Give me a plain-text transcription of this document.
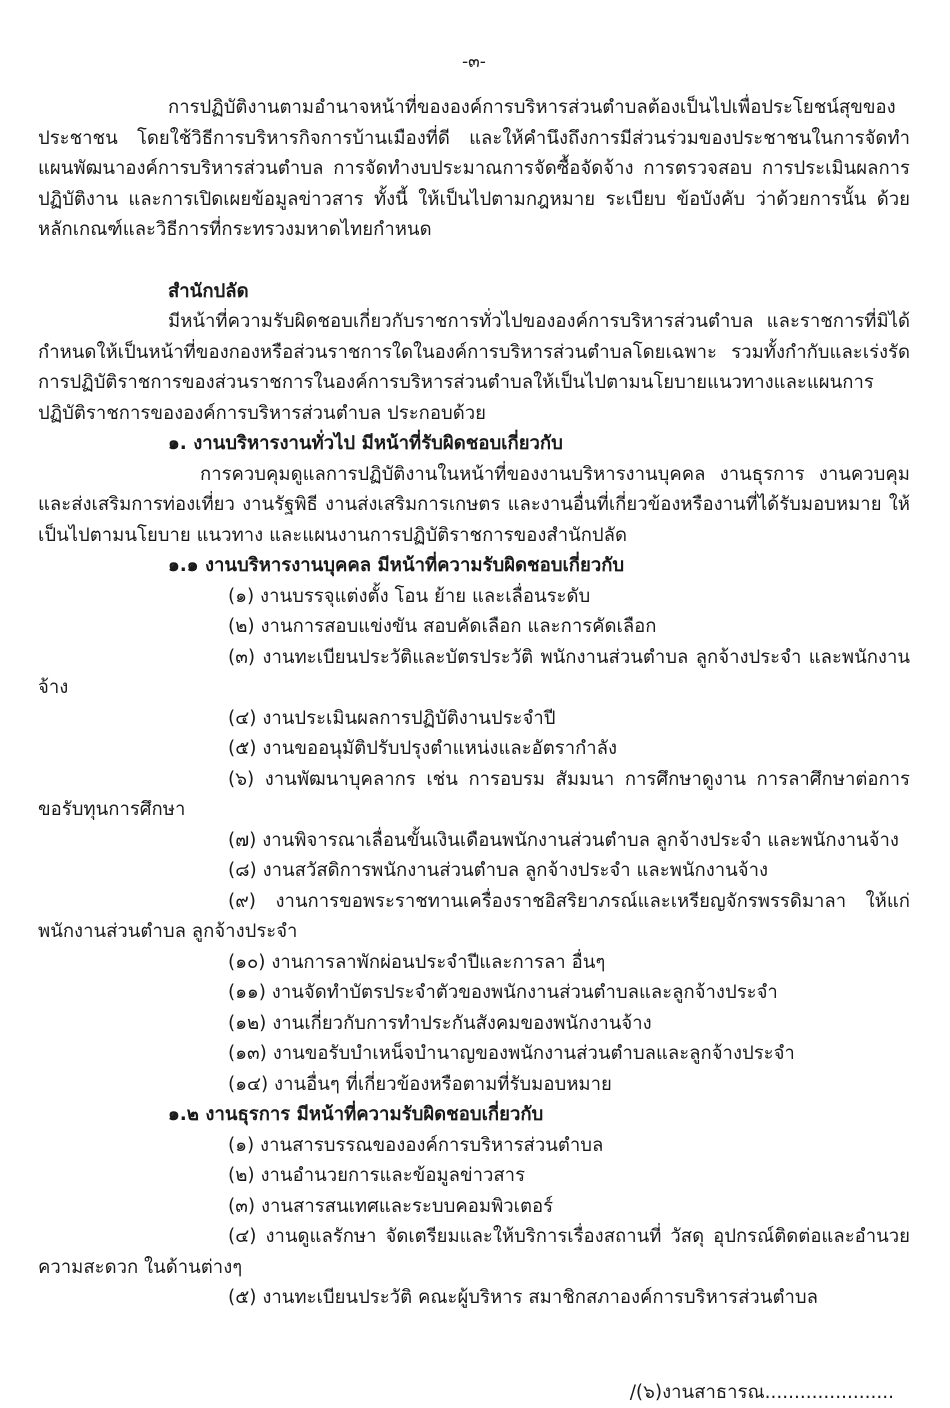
-๓-

การปฏิบัติงานตามอำนาจหน้าที่ขององค์การบริหารส่วนตำบลต้องเป็นไปเพื่อประโยชน์สุขของประชาชน โดยใช้วิธีการบริหารกิจการบ้านเมืองที่ดี และให้คำนึงถึงการมีส่วนร่วมของประชาชนในการจัดทำแผนพัฒนาองค์การบริหารส่วนตำบล การจัดทำงบประมาณการจัดซื้อจัดจ้าง การตรวจสอบ การประเมินผลการปฏิบัติงาน และการเปิดเผยข้อมูลข่าวสาร ทั้งนี้ ให้เป็นไปตามกฎหมาย ระเบียบ ข้อบังคับ ว่าด้วยการนั้น ด้วยหลักเกณฑ์และวิธีการที่กระทรวงมหาดไทยกำหนด

สำนักปลัด

มีหน้าที่ความรับผิดชอบเกี่ยวกับราชการทั่วไปขององค์การบริหารส่วนตำบล และราชการที่มิได้กำหนดให้เป็นหน้าที่ของกองหรือส่วนราชการใดในองค์การบริหารส่วนตำบลโดยเฉพาะ รวมทั้งกำกับและเร่งรัดการปฏิบัติราชการของส่วนราชการในองค์การบริหารส่วนตำบลให้เป็นไปตามนโยบายแนวทางและแผนการปฏิบัติราชการขององค์การบริหารส่วนตำบล ประกอบด้วย

๑. งานบริหารงานทั่วไป มีหน้าที่รับผิดชอบเกี่ยวกับ

การควบคุมดูแลการปฏิบัติงานในหน้าที่ของงานบริหารงานบุคคล งานธุรการ งานควบคุมและส่งเสริมการท่องเที่ยว งานรัฐพิธี งานส่งเสริมการเกษตร และงานอื่นที่เกี่ยวข้องหรืองานที่ได้รับมอบหมาย ให้เป็นไปตามนโยบาย แนวทาง และแผนงานการปฏิบัติราชการของสำนักปลัด

๑.๑ งานบริหารงานบุคคล มีหน้าที่ความรับผิดชอบเกี่ยวกับ

(๑) งานบรรจุแต่งตั้ง โอน ย้าย และเลื่อนระดับ

(๒) งานการสอบแข่งขัน สอบคัดเลือก และการคัดเลือก

(๓) งานทะเบียนประวัติและบัตรประวัติ พนักงานส่วนตำบล ลูกจ้างประจำ และพนักงานจ้าง

(๔) งานประเมินผลการปฏิบัติงานประจำปี

(๕) งานขออนุมัติปรับปรุงตำแหน่งและอัตรากำลัง

(๖) งานพัฒนาบุคลากร เช่น การอบรม สัมมนา การศึกษาดูงาน การลาศึกษาต่อการ ขอรับทุนการศึกษา

(๗) งานพิจารณาเลื่อนขั้นเงินเดือนพนักงานส่วนตำบล ลูกจ้างประจำ และพนักงานจ้าง

(๘) งานสวัสดิการพนักงานส่วนตำบล ลูกจ้างประจำ และพนักงานจ้าง

(๙) งานการขอพระราชทานเครื่องราชอิสริยาภรณ์และเหรียญจักรพรรดิมาลา ให้แก่พนักงานส่วนตำบล ลูกจ้างประจำ

(๑๐) งานการลาพักผ่อนประจำปีและการลา อื่นๆ

(๑๑) งานจัดทำบัตรประจำตัวของพนักงานส่วนตำบลและลูกจ้างประจำ

(๑๒) งานเกี่ยวกับการทำประกันสังคมของพนักงานจ้าง

(๑๓) งานขอรับบำเหน็จบำนาญของพนักงานส่วนตำบลและลูกจ้างประจำ

(๑๔) งานอื่นๆ ที่เกี่ยวข้องหรือตามที่รับมอบหมาย

๑.๒ งานธุรการ มีหน้าที่ความรับผิดชอบเกี่ยวกับ

(๑) งานสารบรรณขององค์การบริหารส่วนตำบล

(๒) งานอำนวยการและข้อมูลข่าวสาร

(๓) งานสารสนเทศและระบบคอมพิวเตอร์

(๔) งานดูแลรักษา จัดเตรียมและให้บริการเรื่องสถานที่ วัสดุ อุปกรณ์ติดต่อและอำนวยความสะดวก ในด้านต่างๆ

(๕) งานทะเบียนประวัติ คณะผู้บริหาร สมาชิกสภาองค์การบริหารส่วนตำบล

/(๖)งานสาธารณ......................
